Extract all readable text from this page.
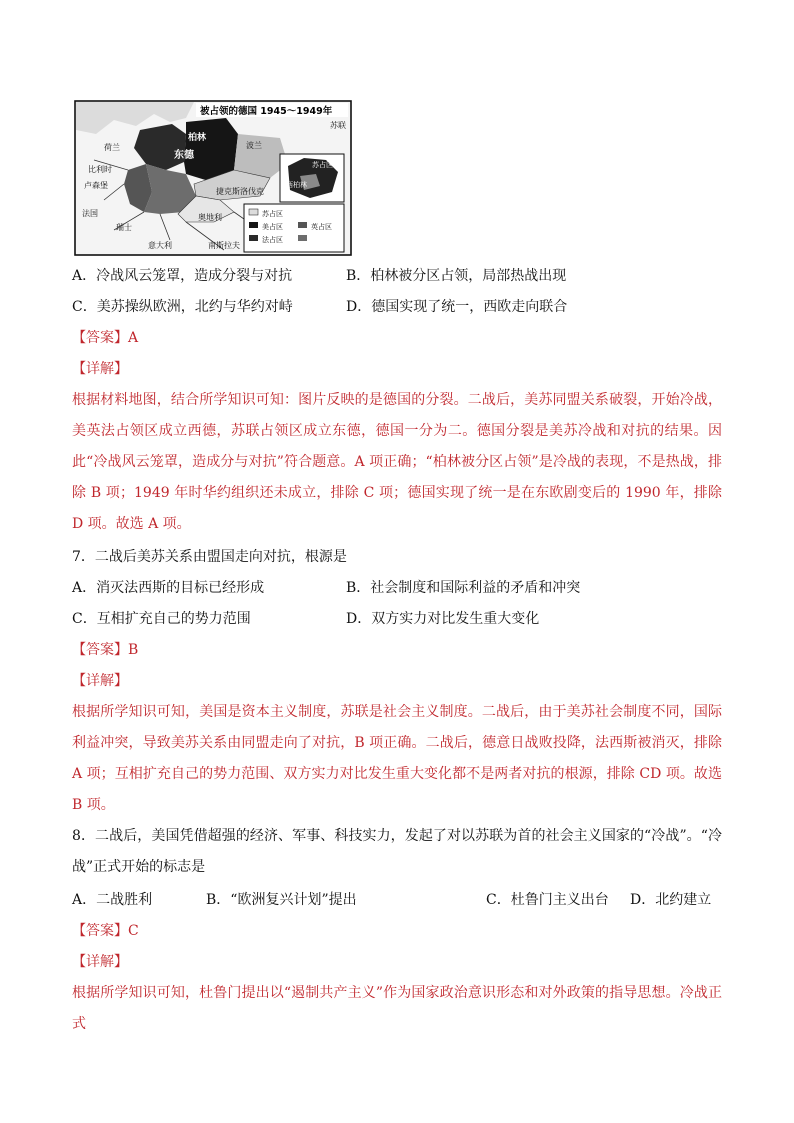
被占领的德国 1945～1949年
柏林
东德
苏联
波兰
荷兰
比利时
卢森堡
法国
捷克斯洛伐克
瑞士
奥地利
意大利	南斯拉夫
苏占区
西柏林
苏占区
美占区	英占区
法占区
A．冷战风云笼罩，造成分裂与对抗	B．柏林被分区占领，局部热战出现
C．美苏操纵欧洲，北约与华约对峙	D．德国实现了统一，西欧走向联合
【答案】A
【详解】
根据材料地图，结合所学知识可知：图片反映的是德国的分裂。二战后，美苏同盟关系破裂，开始冷战，美英法占领区成立西德，苏联占领区成立东德，德国一分为二。德国分裂是美苏冷战和对抗的结果。因此“冷战风云笼罩，造成分与对抗”符合题意。A 项正确；“柏林被分区占领”是冷战的表现，不是热战，排除 B 项；1949 年时华约组织还未成立，排除 C 项；德国实现了统一是在东欧剧变后的 1990 年，排除 D 项。故选 A 项。
7．二战后美苏关系由盟国走向对抗，根源是
A．消灭法西斯的目标已经形成	B．社会制度和国际利益的矛盾和冲突
C．互相扩充自己的势力范围	D．双方实力对比发生重大变化
【答案】B
【详解】
根据所学知识可知，美国是资本主义制度，苏联是社会主义制度。二战后，由于美苏社会制度不同，国际利益冲突，导致美苏关系由同盟走向了对抗，B 项正确。二战后，德意日战败投降，法西斯被消灭，排除 A 项；互相扩充自己的势力范围、双方实力对比发生重大变化都不是两者对抗的根源，排除 CD 项。故选 B 项。
8．二战后，美国凭借超强的经济、军事、科技实力，发起了对以苏联为首的社会主义国家的“冷战”。“冷战”正式开始的标志是
A．二战胜利	B．“欧洲复兴计划”提出	C．杜鲁门主义出台 D．北约建立
【答案】C
【详解】
根据所学知识可知，杜鲁门提出以“遏制共产主义”作为国家政治意识形态和对外政策的指导思想。冷战正式
